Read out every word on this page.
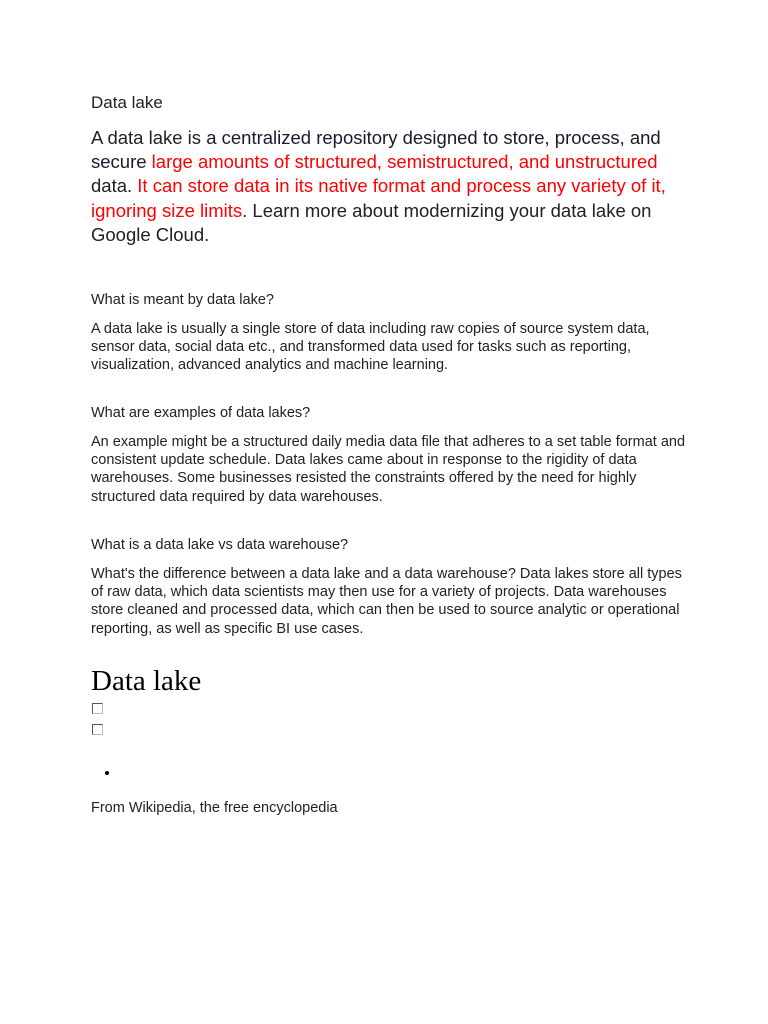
Data lake
A data lake is a centralized repository designed to store, process, and secure large amounts of structured, semistructured, and unstructured data. It can store data in its native format and process any variety of it, ignoring size limits. Learn more about modernizing your data lake on Google Cloud.
What is meant by data lake?
A data lake is usually a single store of data including raw copies of source system data, sensor data, social data etc., and transformed data used for tasks such as reporting, visualization, advanced analytics and machine learning.
What are examples of data lakes?
An example might be a structured daily media data file that adheres to a set table format and consistent update schedule. Data lakes came about in response to the rigidity of data warehouses. Some businesses resisted the constraints offered by the need for highly structured data required by data warehouses.
What is a data lake vs data warehouse?
What's the difference between a data lake and a data warehouse? Data lakes store all types of raw data, which data scientists may then use for a variety of projects. Data warehouses store cleaned and processed data, which can then be used to source analytic or operational reporting, as well as specific BI use cases.
Data lake
From Wikipedia, the free encyclopedia
